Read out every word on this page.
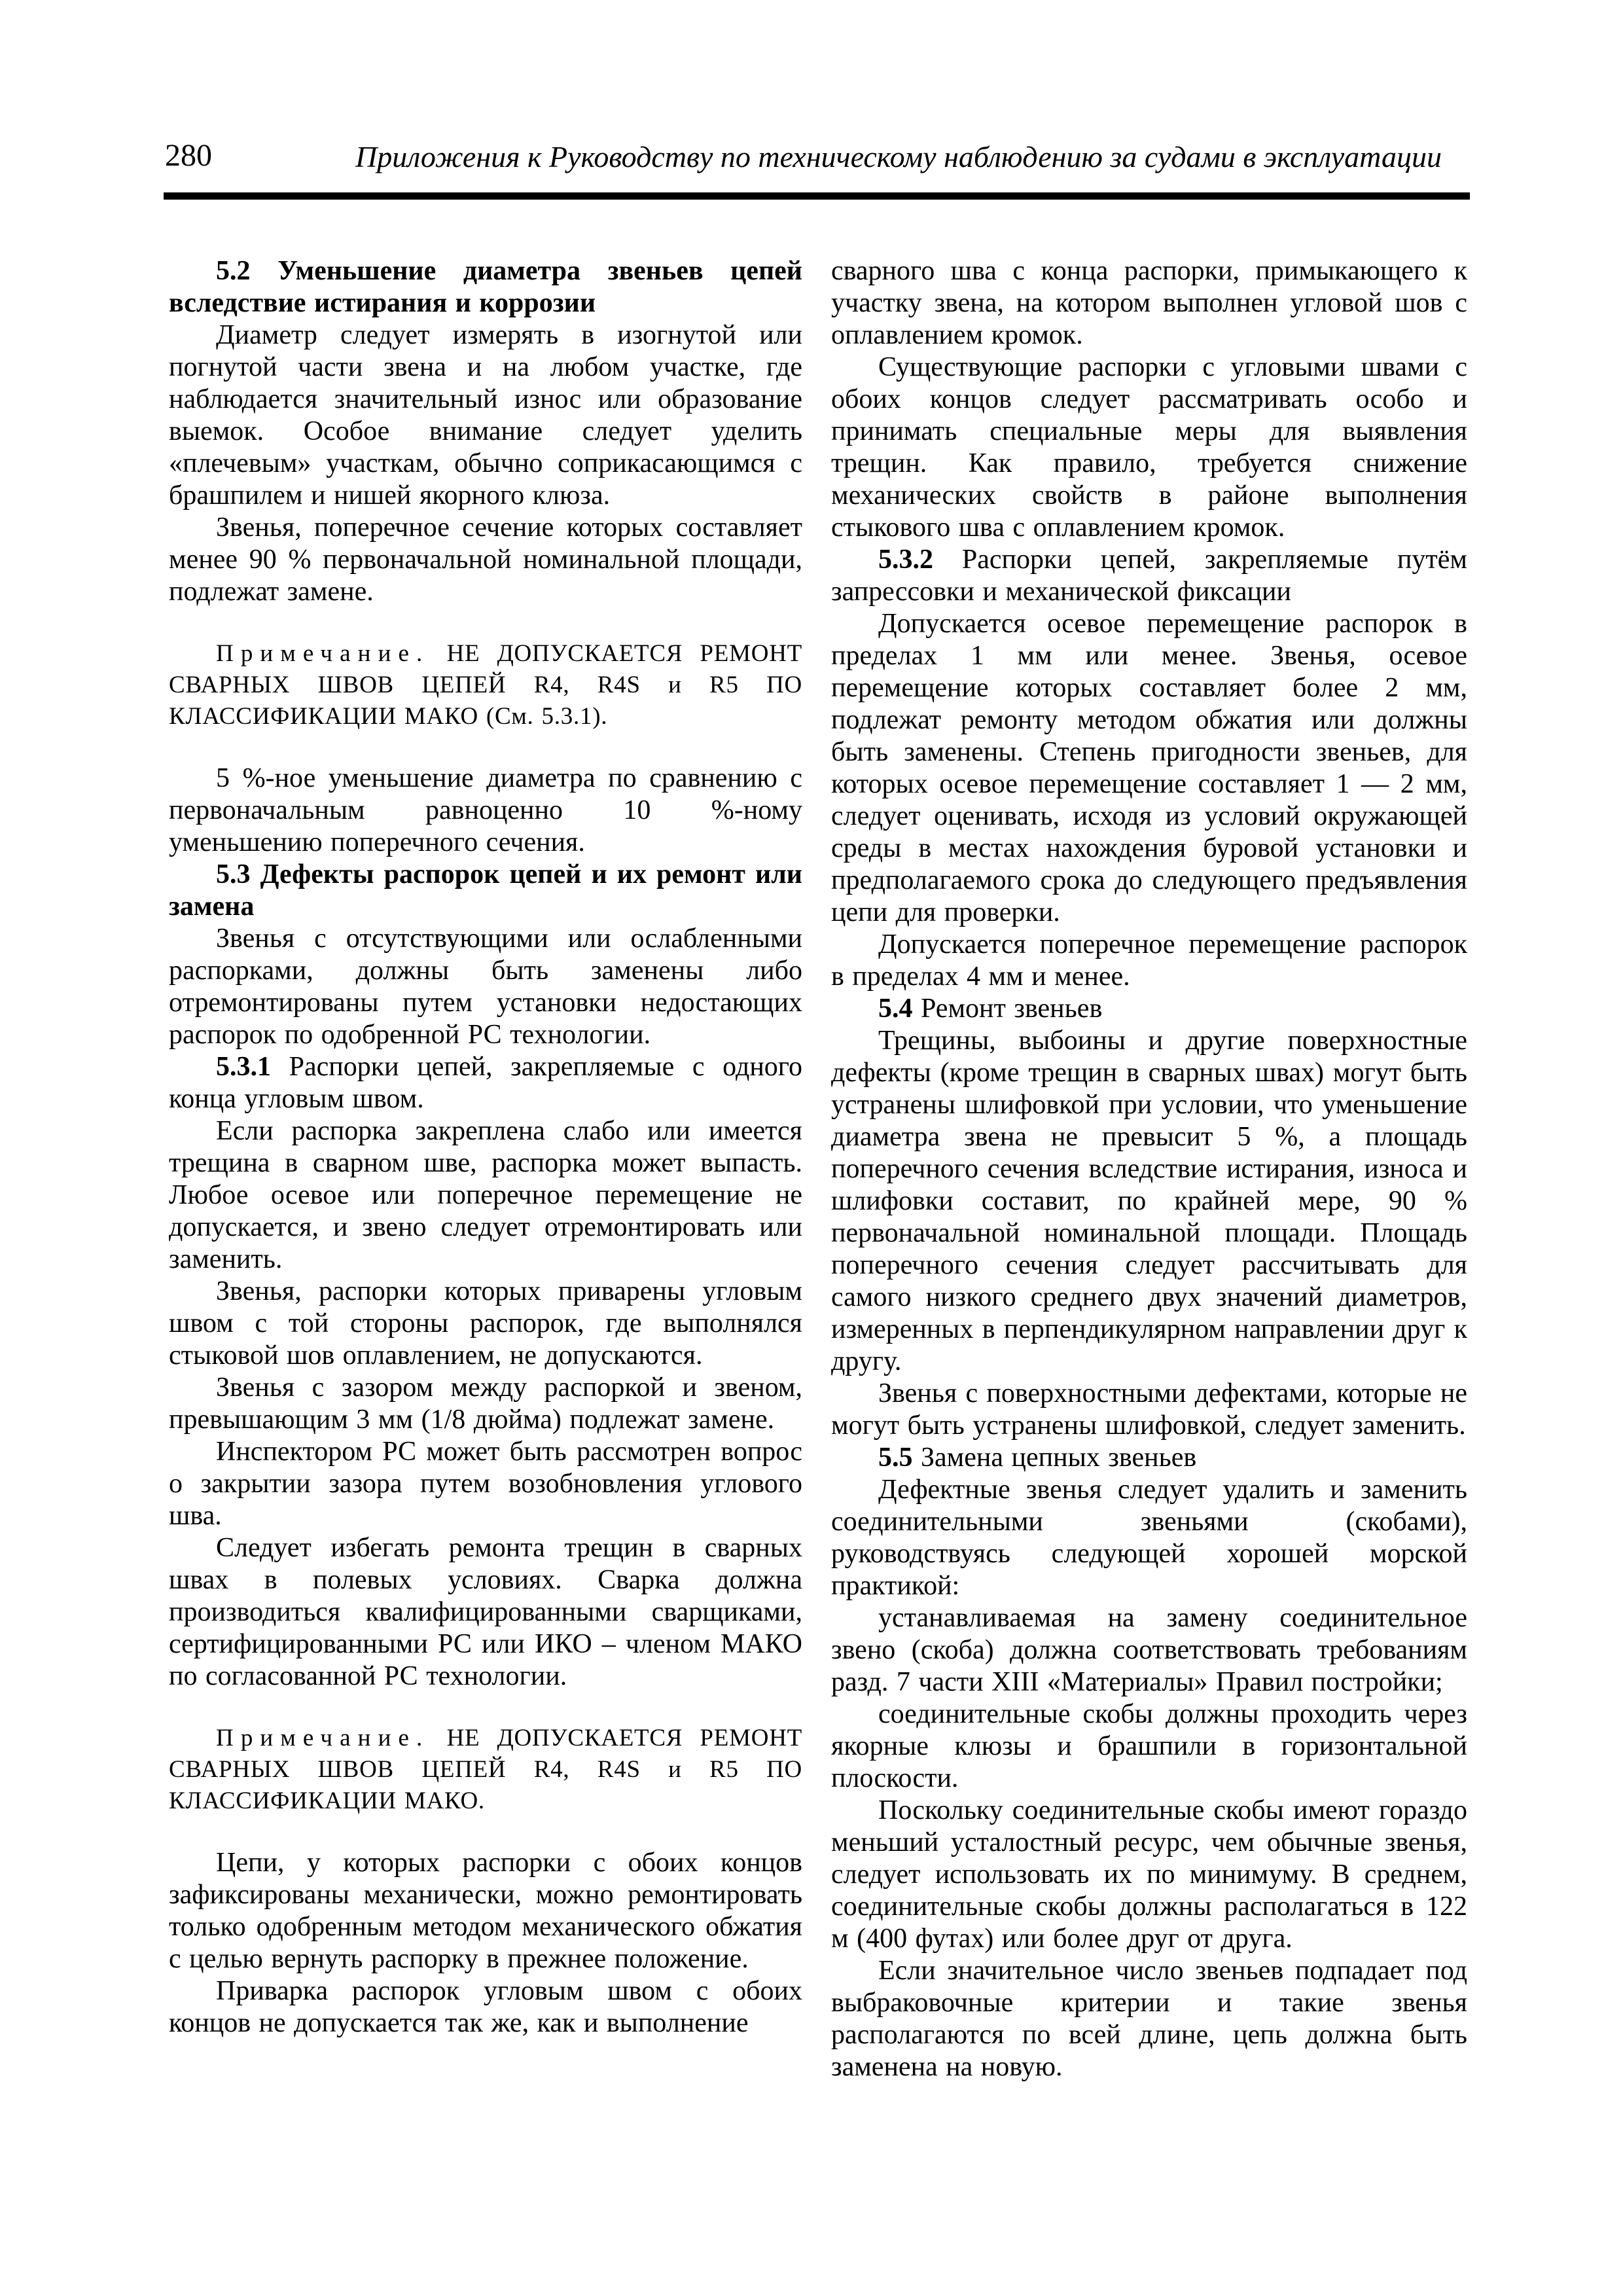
280	Приложения к Руководству по техническому наблюдению за судами в эксплуатации

5.2 Уменьшение диаметра звеньев цепей вследствие истирания и коррозии

Диаметр следует измерять в изогнутой или погнутой части звена и на любом участке, где наблюдается значительный износ или образование выемок. Особое внимание следует уделить «плечевым» участкам, обычно соприкасающимся с брашпилем и нишей якорного клюза.

Звенья, поперечное сечение которых составляет менее 90 % первоначальной номинальной площади, подлежат замене.

Примечание. НЕ ДОПУСКАЕТСЯ РЕМОНТ СВАРНЫХ ШВОВ ЦЕПЕЙ R4, R4S и R5 ПО КЛАССИФИКАЦИИ МАКО (См. 5.3.1).

5 %-ное уменьшение диаметра по сравнению с первоначальным равноценно 10 %-ному уменьшению поперечного сечения.

5.3 Дефекты распорок цепей и их ремонт или замена

Звенья с отсутствующими или ослабленными распорками, должны быть заменены либо отремонтированы путем установки недостающих распорок по одобренной РС технологии.

5.3.1 Распорки цепей, закрепляемые с одного конца угловым швом.

Если распорка закреплена слабо или имеется трещина в сварном шве, распорка может выпасть. Любое осевое или поперечное перемещение не допускается, и звено следует отремонтировать или заменить.

Звенья, распорки которых приварены угловым швом с той стороны распорок, где выполнялся стыковой шов оплавлением, не допускаются.

Звенья с зазором между распоркой и звеном, превышающим 3 мм (1/8 дюйма) подлежат замене.

Инспектором РС может быть рассмотрен вопрос о закрытии зазора путем возобновления углового шва.

Следует избегать ремонта трещин в сварных швах в полевых условиях. Сварка должна производиться квалифицированными сварщиками, сертифицированными РС или ИКО – членом МАКО по согласованной РС технологии.

Примечание. НЕ ДОПУСКАЕТСЯ РЕМОНТ СВАРНЫХ ШВОВ ЦЕПЕЙ R4, R4S и R5 ПО КЛАССИФИКАЦИИ МАКО.

Цепи, у которых распорки с обоих концов зафиксированы механически, можно ремонтировать только одобренным методом механического обжатия с целью вернуть распорку в прежнее положение.

Приварка распорок угловым швом с обоих концов не допускается так же, как и выполнение

сварного шва с конца распорки, примыкающего к участку звена, на котором выполнен угловой шов с оплавлением кромок.

Существующие распорки с угловыми швами с обоих концов следует рассматривать особо и принимать специальные меры для выявления трещин. Как правило, требуется снижение механических свойств в районе выполнения стыкового шва с оплавлением кромок.

5.3.2 Распорки цепей, закрепляемые путём запрессовки и механической фиксации

Допускается осевое перемещение распорок в пределах 1 мм или менее. Звенья, осевое перемещение которых составляет более 2 мм, подлежат ремонту методом обжатия или должны быть заменены. Степень пригодности звеньев, для которых осевое перемещение составляет 1 — 2 мм, следует оценивать, исходя из условий окружающей среды в местах нахождения буровой установки и предполагаемого срока до следующего предъявления цепи для проверки.

Допускается поперечное перемещение распорок в пределах 4 мм и менее.

5.4 Ремонт звеньев

Трещины, выбоины и другие поверхностные дефекты (кроме трещин в сварных швах) могут быть устранены шлифовкой при условии, что уменьшение диаметра звена не превысит 5 %, а площадь поперечного сечения вследствие истирания, износа и шлифовки составит, по крайней мере, 90 % первоначальной номинальной площади. Площадь поперечного сечения следует рассчитывать для самого низкого среднего двух значений диаметров, измеренных в перпендикулярном направлении друг к другу.

Звенья с поверхностными дефектами, которые не могут быть устранены шлифовкой, следует заменить.

5.5 Замена цепных звеньев

Дефектные звенья следует удалить и заменить соединительными звеньями (скобами), руководствуясь следующей хорошей морской практикой:

устанавливаемая на замену соединительное звено (скоба) должна соответствовать требованиям разд. 7 части XIII «Материалы» Правил постройки;

соединительные скобы должны проходить через якорные клюзы и брашпили в горизонтальной плоскости.

Поскольку соединительные скобы имеют гораздо меньший усталостный ресурс, чем обычные звенья, следует использовать их по минимуму. В среднем, соединительные скобы должны располагаться в 122 м (400 футах) или более друг от друга.

Если значительное число звеньев подпадает под выбраковочные критерии и такие звенья располагаются по всей длине, цепь должна быть заменена на новую.
